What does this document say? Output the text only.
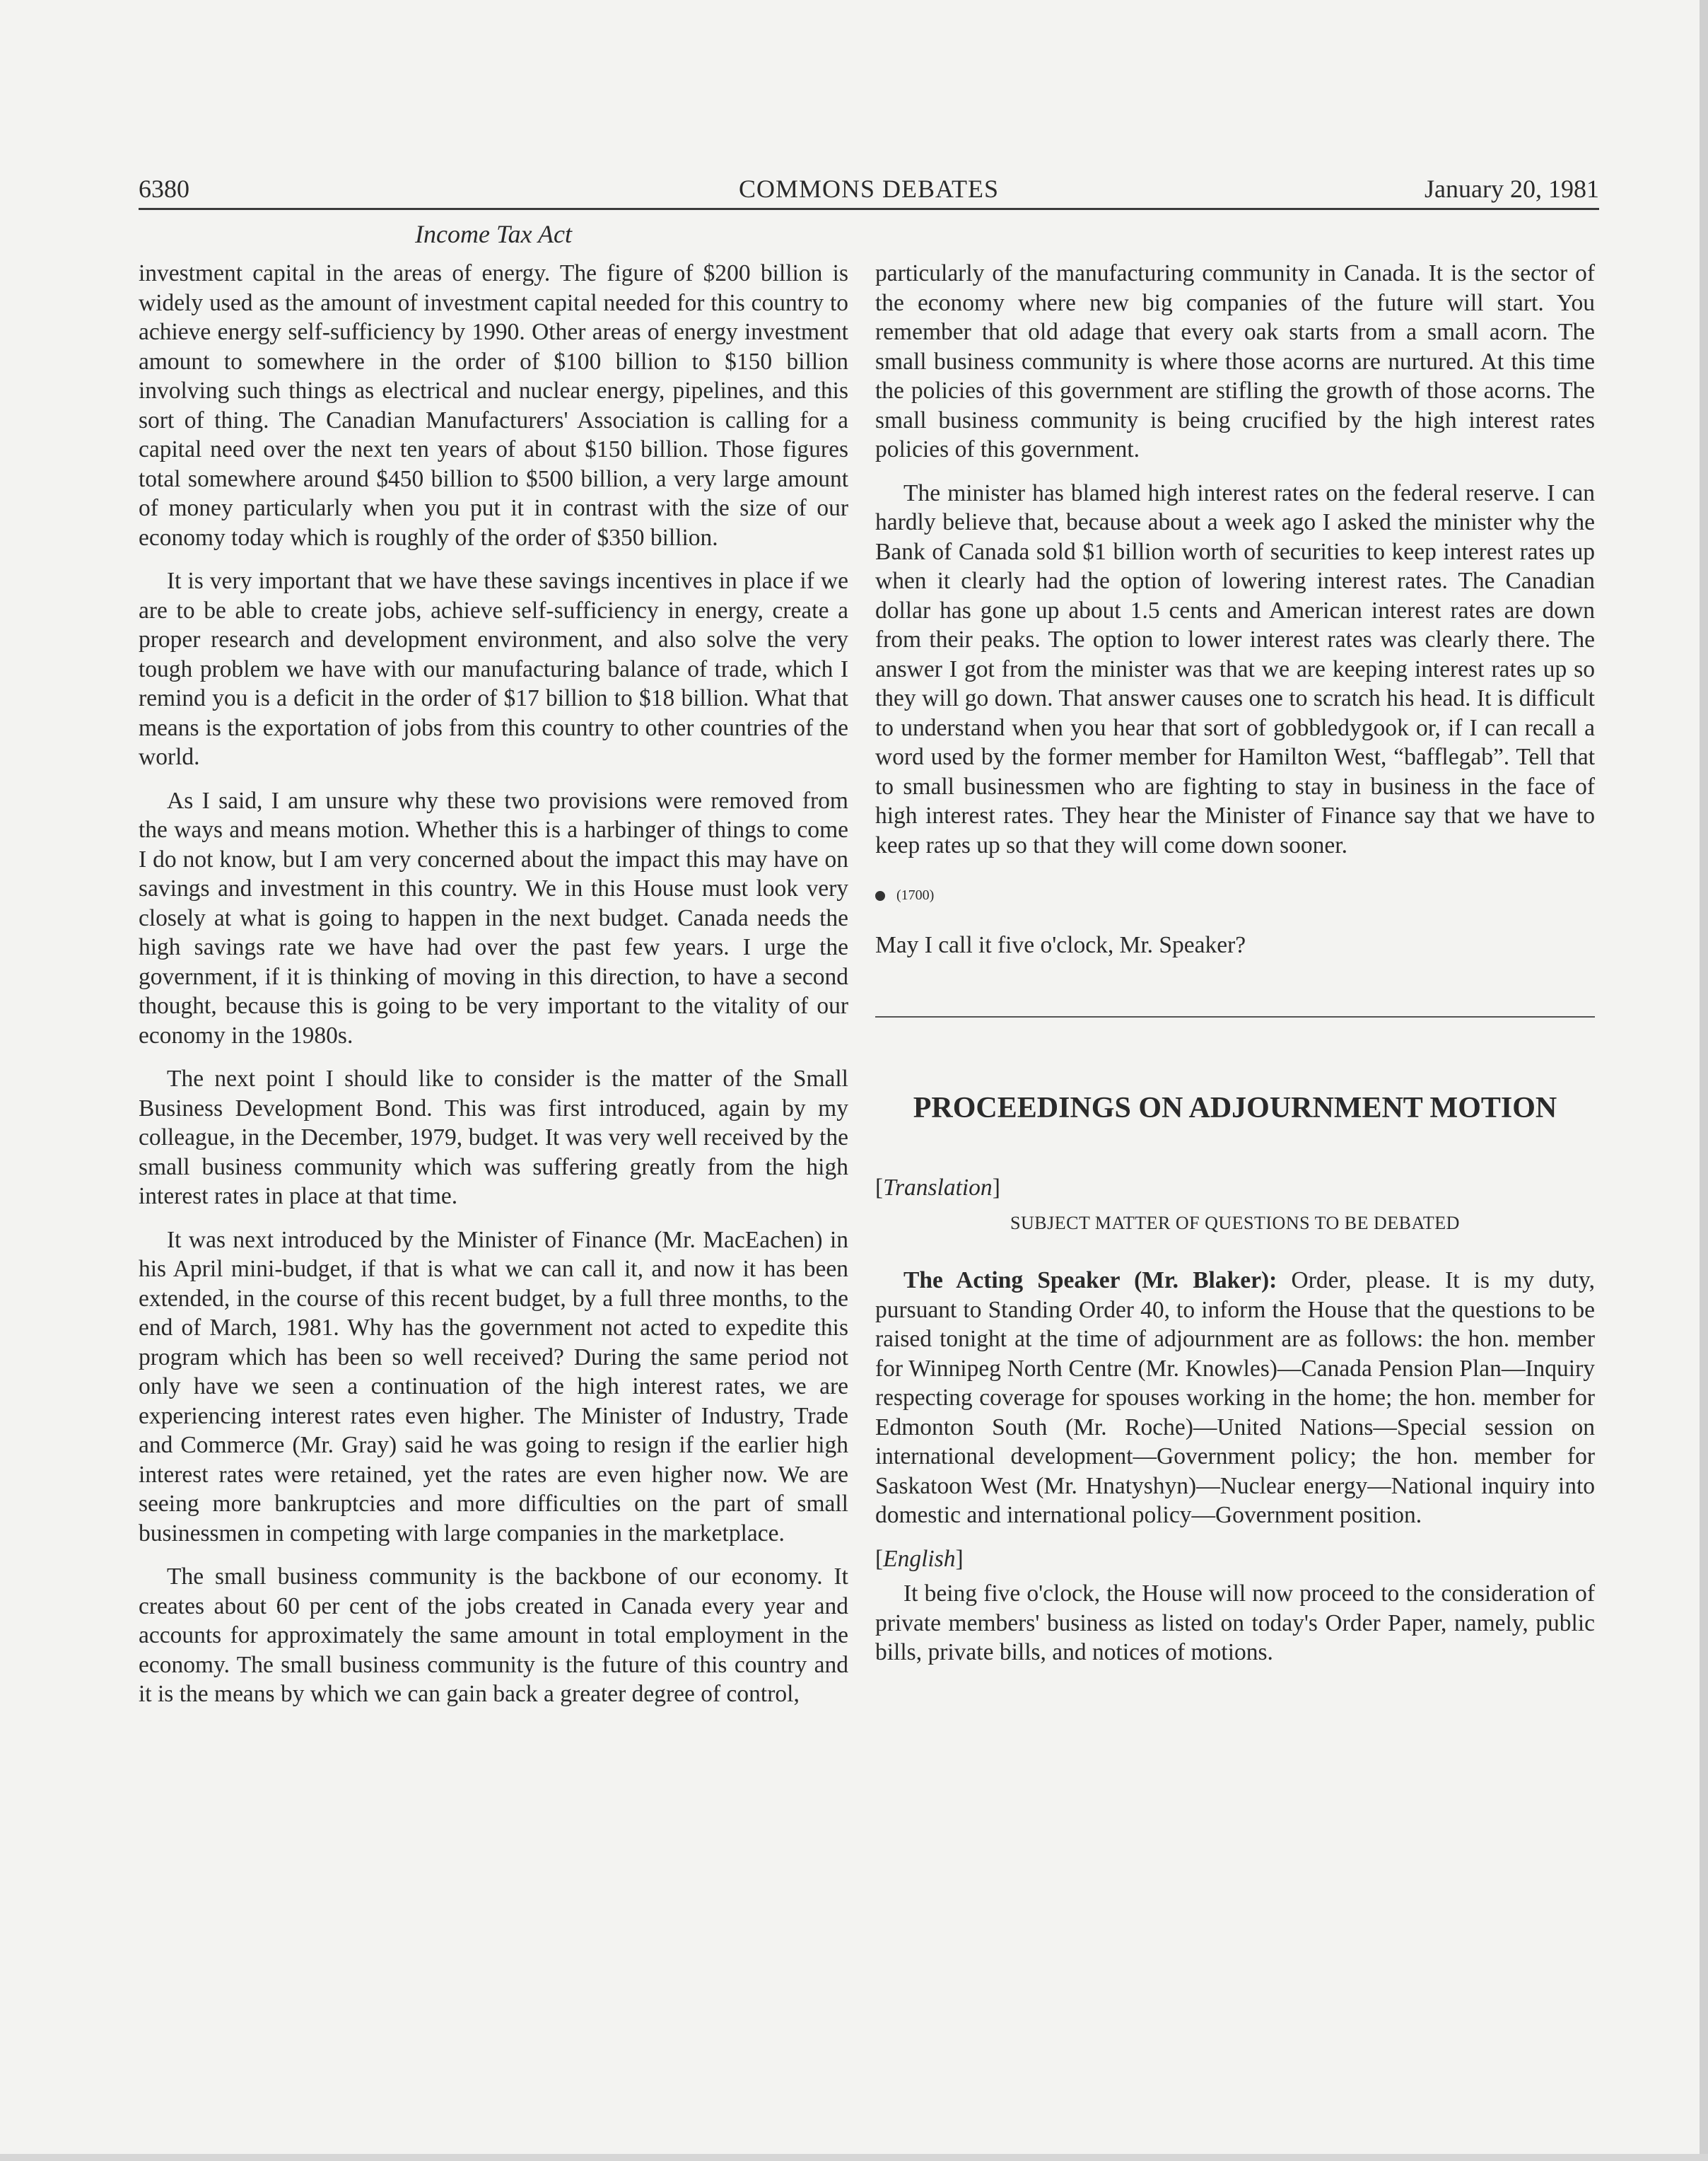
6380	COMMONS DEBATES	January 20, 1981
Income Tax Act

investment capital in the areas of energy. The figure of $200 billion is widely used as the amount of investment capital needed for this country to achieve energy self-sufficiency by 1990. Other areas of energy investment amount to somewhere in the order of $100 billion to $150 billion involving such things as electrical and nuclear energy, pipelines, and this sort of thing. The Canadian Manufacturers' Association is calling for a capital need over the next ten years of about $150 billion. Those figures total somewhere around $450 billion to $500 billion, a very large amount of money particularly when you put it in contrast with the size of our economy today which is roughly of the order of $350 billion.

It is very important that we have these savings incentives in place if we are to be able to create jobs, achieve self-sufficiency in energy, create a proper research and development environment, and also solve the very tough problem we have with our manufacturing balance of trade, which I remind you is a deficit in the order of $17 billion to $18 billion. What that means is the exportation of jobs from this country to other countries of the world.

As I said, I am unsure why these two provisions were removed from the ways and means motion. Whether this is a harbinger of things to come I do not know, but I am very concerned about the impact this may have on savings and investment in this country. We in this House must look very closely at what is going to happen in the next budget. Canada needs the high savings rate we have had over the past few years. I urge the government, if it is thinking of moving in this direction, to have a second thought, because this is going to be very important to the vitality of our economy in the 1980s.

The next point I should like to consider is the matter of the Small Business Development Bond. This was first introduced, again by my colleague, in the December, 1979, budget. It was very well received by the small business community which was suffering greatly from the high interest rates in place at that time.

It was next introduced by the Minister of Finance (Mr. MacEachen) in his April mini-budget, if that is what we can call it, and now it has been extended, in the course of this recent budget, by a full three months, to the end of March, 1981. Why has the government not acted to expedite this program which has been so well received? During the same period not only have we seen a continuation of the high interest rates, we are experiencing interest rates even higher. The Minister of Industry, Trade and Commerce (Mr. Gray) said he was going to resign if the earlier high interest rates were retained, yet the rates are even higher now. We are seeing more bankruptcies and more difficulties on the part of small businessmen in competing with large companies in the marketplace.

The small business community is the backbone of our economy. It creates about 60 per cent of the jobs created in Canada every year and accounts for approximately the same amount in total employment in the economy. The small business community is the future of this country and it is the means by which we can gain back a greater degree of control,

particularly of the manufacturing community in Canada. It is the sector of the economy where new big companies of the future will start. You remember that old adage that every oak starts from a small acorn. The small business community is where those acorns are nurtured. At this time the policies of this government are stifling the growth of those acorns. The small business community is being crucified by the high interest rates policies of this government.

The minister has blamed high interest rates on the federal reserve. I can hardly believe that, because about a week ago I asked the minister why the Bank of Canada sold $1 billion worth of securities to keep interest rates up when it clearly had the option of lowering interest rates. The Canadian dollar has gone up about 1.5 cents and American interest rates are down from their peaks. The option to lower interest rates was clearly there. The answer I got from the minister was that we are keeping interest rates up so they will go down. That answer causes one to scratch his head. It is difficult to understand when you hear that sort of gobbledygook or, if I can recall a word used by the former member for Hamilton West, “bafflegab”. Tell that to small businessmen who are fighting to stay in business in the face of high interest rates. They hear the Minister of Finance say that we have to keep rates up so that they will come down sooner.

(1700)

May I call it five o'clock, Mr. Speaker?

PROCEEDINGS ON ADJOURNMENT MOTION
[Translation]
SUBJECT MATTER OF QUESTIONS TO BE DEBATED

The Acting Speaker (Mr. Blaker): Order, please. It is my duty, pursuant to Standing Order 40, to inform the House that the questions to be raised tonight at the time of adjournment are as follows: the hon. member for Winnipeg North Centre (Mr. Knowles)—Canada Pension Plan—Inquiry respecting coverage for spouses working in the home; the hon. member for Edmonton South (Mr. Roche)—United Nations—Special session on international development—Government policy; the hon. member for Saskatoon West (Mr. Hnatyshyn)—Nuclear energy—National inquiry into domestic and international policy—Government position.

[English]

It being five o'clock, the House will now proceed to the consideration of private members' business as listed on today's Order Paper, namely, public bills, private bills, and notices of motions.
